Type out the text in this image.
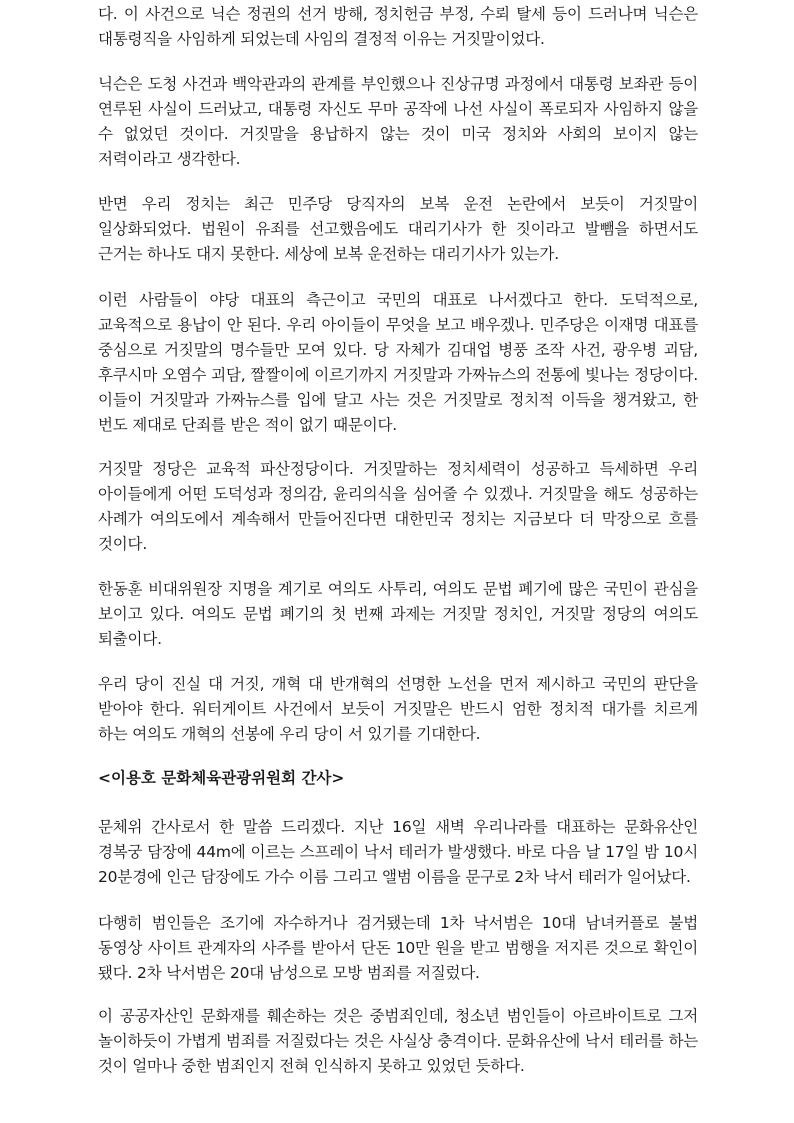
다. 이 사건으로 닉슨 정권의 선거 방해, 정치헌금 부정, 수뢰 탈세 등이 드러나며 닉슨은 대통령직을 사임하게 되었는데 사임의 결정적 이유는 거짓말이었다.

닉슨은 도청 사건과 백악관과의 관계를 부인했으나 진상규명 과정에서 대통령 보좌관 등이 연루된 사실이 드러났고, 대통령 자신도 무마 공작에 나선 사실이 폭로되자 사임하지 않을 수 없었던 것이다. 거짓말을 용납하지 않는 것이 미국 정치와 사회의 보이지 않는 저력이라고 생각한다.

반면 우리 정치는 최근 민주당 당직자의 보복 운전 논란에서 보듯이 거짓말이 일상화되었다. 법원이 유죄를 선고했음에도 대리기사가 한 짓이라고 발뺌을 하면서도 근거는 하나도 대지 못한다. 세상에 보복 운전하는 대리기사가 있는가.

이런 사람들이 야당 대표의 측근이고 국민의 대표로 나서겠다고 한다. 도덕적으로, 교육적으로 용납이 안 된다. 우리 아이들이 무엇을 보고 배우겠나. 민주당은 이재명 대표를 중심으로 거짓말의 명수들만 모여 있다. 당 자체가 김대업 병풍 조작 사건, 광우병 괴담, 후쿠시마 오염수 괴담, 짤짤이에 이르기까지 거짓말과 가짜뉴스의 전통에 빛나는 정당이다. 이들이 거짓말과 가짜뉴스를 입에 달고 사는 것은 거짓말로 정치적 이득을 챙겨왔고, 한 번도 제대로 단죄를 받은 적이 없기 때문이다.

거짓말 정당은 교육적 파산정당이다. 거짓말하는 정치세력이 성공하고 득세하면 우리 아이들에게 어떤 도덕성과 정의감, 윤리의식을 심어줄 수 있겠나. 거짓말을 해도 성공하는 사례가 여의도에서 계속해서 만들어진다면 대한민국 정치는 지금보다 더 막장으로 흐를 것이다.

한동훈 비대위원장 지명을 계기로 여의도 사투리, 여의도 문법 폐기에 많은 국민이 관심을 보이고 있다. 여의도 문법 폐기의 첫 번째 과제는 거짓말 정치인, 거짓말 정당의 여의도 퇴출이다.

우리 당이 진실 대 거짓, 개혁 대 반개혁의 선명한 노선을 먼저 제시하고 국민의 판단을 받아야 한다. 워터게이트 사건에서 보듯이 거짓말은 반드시 엄한 정치적 대가를 치르게 하는 여의도 개혁의 선봉에 우리 당이 서 있기를 기대한다.

<이용호 문화체육관광위원회 간사>

문체위 간사로서 한 말씀 드리겠다. 지난 16일 새벽 우리나라를 대표하는 문화유산인 경복궁 담장에 44m에 이르는 스프레이 낙서 테러가 발생했다. 바로 다음 날 17일 밤 10시 20분경에 인근 담장에도 가수 이름 그리고 앨범 이름을 문구로 2차 낙서 테러가 일어났다.

다행히 범인들은 조기에 자수하거나 검거됐는데 1차 낙서범은 10대 남녀커플로 불법 동영상 사이트 관계자의 사주를 받아서 단돈 10만 원을 받고 범행을 저지른 것으로 확인이 됐다. 2차 낙서범은 20대 남성으로 모방 범죄를 저질렀다.

이 공공자산인 문화재를 훼손하는 것은 중범죄인데, 청소년 범인들이 아르바이트로 그저 놀이하듯이 가볍게 범죄를 저질렀다는 것은 사실상 충격이다. 문화유산에 낙서 테러를 하는 것이 얼마나 중한 범죄인지 전혀 인식하지 못하고 있었던 듯하다.
